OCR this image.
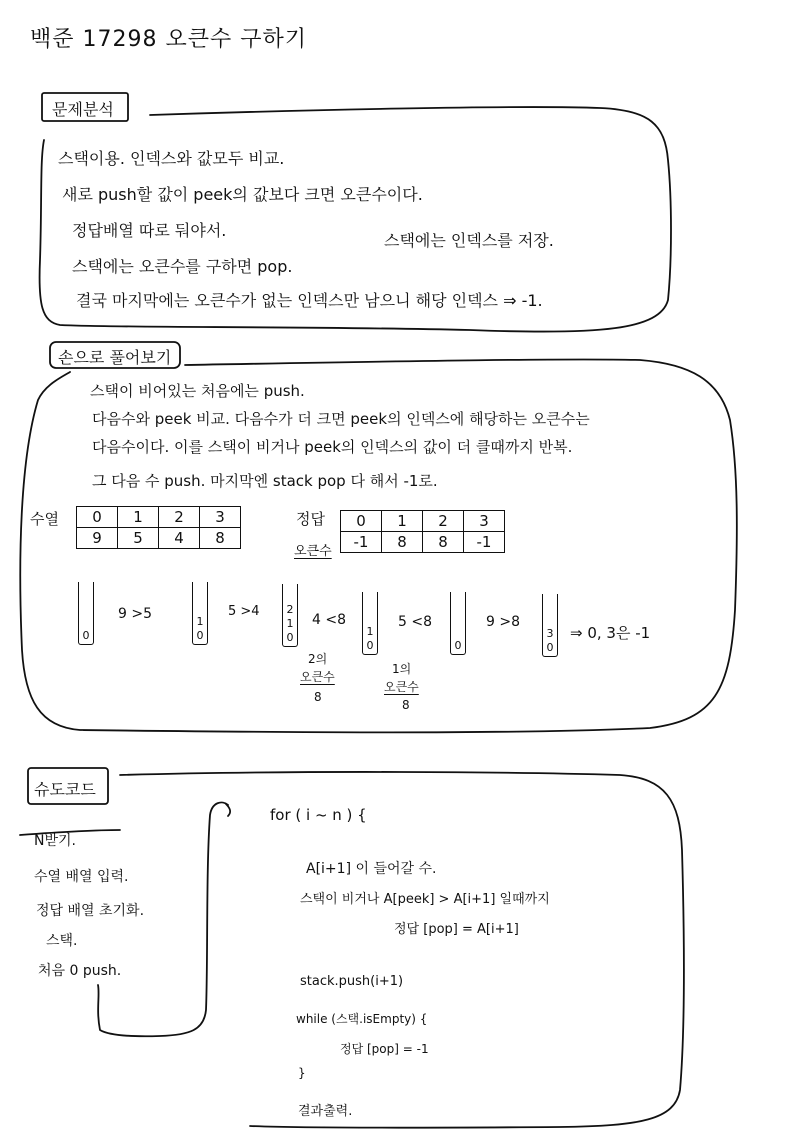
백준 17298 오큰수 구하기
문제분석
스택이용. 인덱스와 값모두 비교.
새로 push할 값이 peek의 값보다 크면 오큰수이다.
정답배열 따로 둬야서.
스택에는 인덱스를 저장.
스택에는 오큰수를 구하면 pop.
결국 마지막에는 오큰수가 없는 인덱스만 남으니 해당 인덱스 ⇒ -1.
손으로 풀어보기
스택이 비어있는 처음에는 push.
다음수와 peek 비교. 다음수가 더 크면 peek의 인덱스에 해당하는 오큰수는
다음수이다. 이를 스택이 비거나 peek의 인덱스의 값이 더 클때까지 반복.
그 다음 수 push. 마지막엔 stack pop 다 해서 -1로.
수열 0	1	2	3
9	5	4	8
정답
오큰수
0	1	2	3
-1	8	8	-1
0
9 >5	1
0
5 >4	2
1
0
4 <8
1
0
5 <8
0
9 >8
3
0
⇒ 0, 3은 -1
2의
오큰수
8
1의
오큰수
8
슈도코드
N받기.
수열 배열 입력.
정답 배열 초기화.
스택.
처음 0 push.
for ( i ~ n ) {
A[i+1] 이 들어갈 수.
스택이 비거나 A[peek] > A[i+1] 일때까지
정답 [pop] = A[i+1]
stack.push(i+1)
while (스택.isEmpty) {
정답 [pop] = -1
}
결과출력.
